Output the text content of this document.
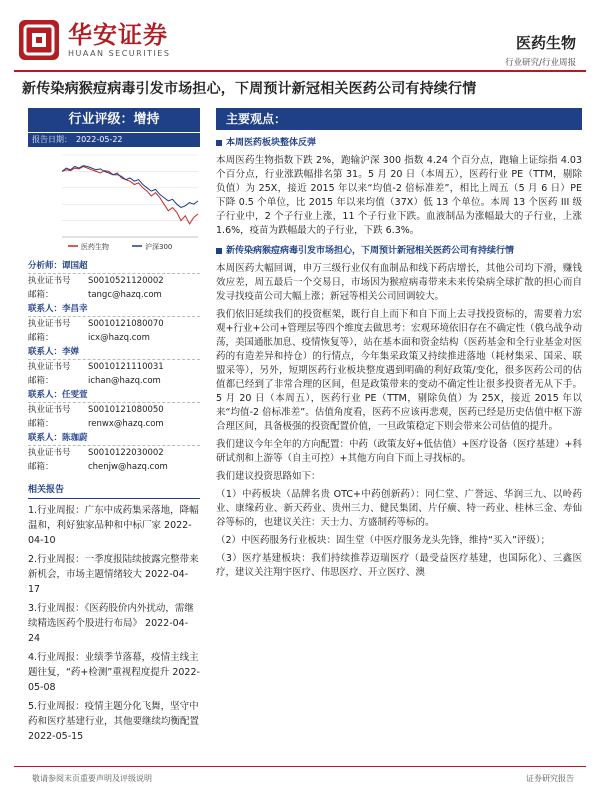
华安证券
HUAAN SECURITIES
医药生物
行业研究/行业周报
新传染病猴痘病毒引发市场担心，下周预计新冠相关医药公司有持续行情
行业评级：增持
报告日期： 2022-05-22
医药生物	沪深300
分析师：谭国超
执业证书号	S0010521120002
邮箱：	tangc@hazq.com
联系人：李昌幸
执业证书号	S0010121080070
邮箱：	icx@hazq.com
联系人：李婵
执业证书号	S0010121110031
邮箱：	ichan@hazq.com
联系人：任雯萱
执业证书号	S0010121080050
邮箱：	renwx@hazq.com
联系人：陈珈蔚
执业证书号	S0010122030002
邮箱：	chenjw@hazq.com
相关报告
1.行业周报：广东中成药集采落地，降幅温和，利好独家品种和中标厂家 2022-04-10
2.行业周报：一季度报陆续披露完整带来新机会，市场主题情绪较大 2022-04-17
3.行业周报：《医药股价内外扰动，需继续精选医药个股进行布局》 2022-04-24
4.行业周报：业绩季节落幕，疫情主线主题往复，“药+检测”重视程度提升 2022-05-08
5.行业周报：疫情主题分化飞舞，坚守中药和医疗基建行业，其他要继续均衡配置 2022-05-15
主要观点：
本周医药板块整体反弹
本周医药生物指数下跌 2%，跑输沪深 300 指数 4.24 个百分点，跑输上证综指 4.03 个百分点，行业涨跌幅排名第 31。5 月 20 日（本周五），医药行业 PE（TTM，剔除负值）为 25X，接近 2015 年以来“均值-2 倍标准差”，相比上周五（5 月 6 日）PE 下降 0.5 个单位，比 2015 年以来均值（37X）低 13 个单位。本周 13 个医药 III 级子行业中，2 个子行业上涨，11 个子行业下跌。血液制品为涨幅最大的子行业，上涨 1.6%，疫苗为跌幅最大的子行业，下跌 6.3%。
新传染病猴痘病毒引发市场担心，下周预计新冠相关医药公司有持续行情
本周医药大幅回调，申万三级行业仅有血制品和线下药店增长，其他公司均下滑，赚钱效应差，周五最后一个交易日，市场因为猴痘病毒带来未来传染病全球扩散的担心而自发寻找疫苗公司大幅上涨；新冠等相关公司回调较大。
我们依旧延续我们的投资框架，既行自上而下和自下而上去寻找投资标的，需要着力宏观+行业+公司+管理层等四个维度去做思考：宏观环境依旧存在不确定性（俄乌战争动荡，美国通胀加息、疫情恢复等），站在基本面和资金结构（医药基金和全行业基金对医药的有造差异和持仓）的行情点，今年集采政策又持续推进落地（耗材集采、国采、联盟采等），另外，短期医药行业板块整度遇到明确的利好政策/变化，很多医药公司的估值都已经到了非常合理的区间，但是政策带来的变动不确定性让很多投资者无从下手。5 月 20 日（本周五），医药行业 PE（TTM，剔除负值）为 25X，接近 2015 年以来“均值-2 倍标准差”。估值角度看，医药不应该再悲观，医药已经是历史估值中枢下游合理区间，具备极强的投资配置价值，一旦政策稳定下则会带来公司估值的提升。
我们建议今年全年的方向配置：中药（政策友好+低估值）+医疗设备（医疗基建）+科研试剂和上游等（自主可控）+其他方向自下而上寻找标的。
我们建议投资思路如下：
（1）中药板块（品牌名贵 OTC+中药创新药）：同仁堂、广誉远、华润三九、以岭药业、康缘药业、新天药业、贵州三力、健民集团、片仔癀、特一药业、桂林三金、寿仙谷等标的，也建议关注：天士力、方盛制药等标的。
（2）中医药服务行业板块：固生堂（中医疗服务龙头先锋，维持“买入”评级）；
（3）医疗基建板块：我们持续推荐迈瑞医疗（最受益医疗基建，也国际化）、三鑫医疗，建议关注翔宇医疗、伟思医疗、开立医疗、澳
敬请参阅末页重要声明及评级说明	证券研究报告
